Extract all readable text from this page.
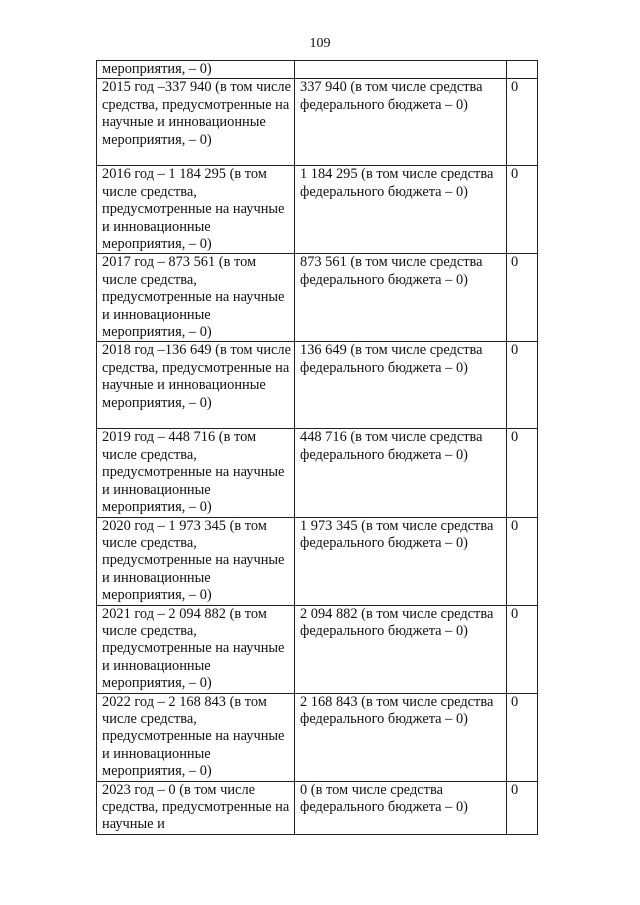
109
мероприятия, – 0)		
2015 год –337 940 (в том числе средства, предусмотренные на научные и инновационные мероприятия, – 0)	337 940 (в том числе средства федерального бюджета – 0)	0
2016 год – 1 184 295 (в том числе средства, предусмотренные на научные и инновационные мероприятия, – 0)	1 184 295 (в том числе средства федерального бюджета – 0)	0
2017 год – 873 561 (в том числе средства, предусмотренные на научные и инновационные мероприятия, – 0)	873 561 (в том числе средства федерального бюджета – 0)	0
2018 год –136 649 (в том числе средства, предусмотренные на научные и инновационные мероприятия, – 0)	136 649 (в том числе средства федерального бюджета – 0)	0
2019 год – 448 716 (в том числе средства, предусмотренные на научные и инновационные мероприятия, – 0)	448 716 (в том числе средства федерального бюджета – 0)	0
2020 год – 1 973 345 (в том числе средства, предусмотренные на научные и инновационные мероприятия, – 0)	1 973 345 (в том числе средства федерального бюджета – 0)	0
2021 год – 2 094 882 (в том числе средства, предусмотренные на научные и инновационные мероприятия, – 0)	2 094 882 (в том числе средства федерального бюджета – 0)	0
2022 год – 2 168 843 (в том числе средства, предусмотренные на научные и инновационные мероприятия, – 0)	2 168 843 (в том числе средства федерального бюджета – 0)	0
2023 год – 0 (в том числе средства, предусмотренные на научные и	0 (в том числе средства федерального бюджета – 0)	0
